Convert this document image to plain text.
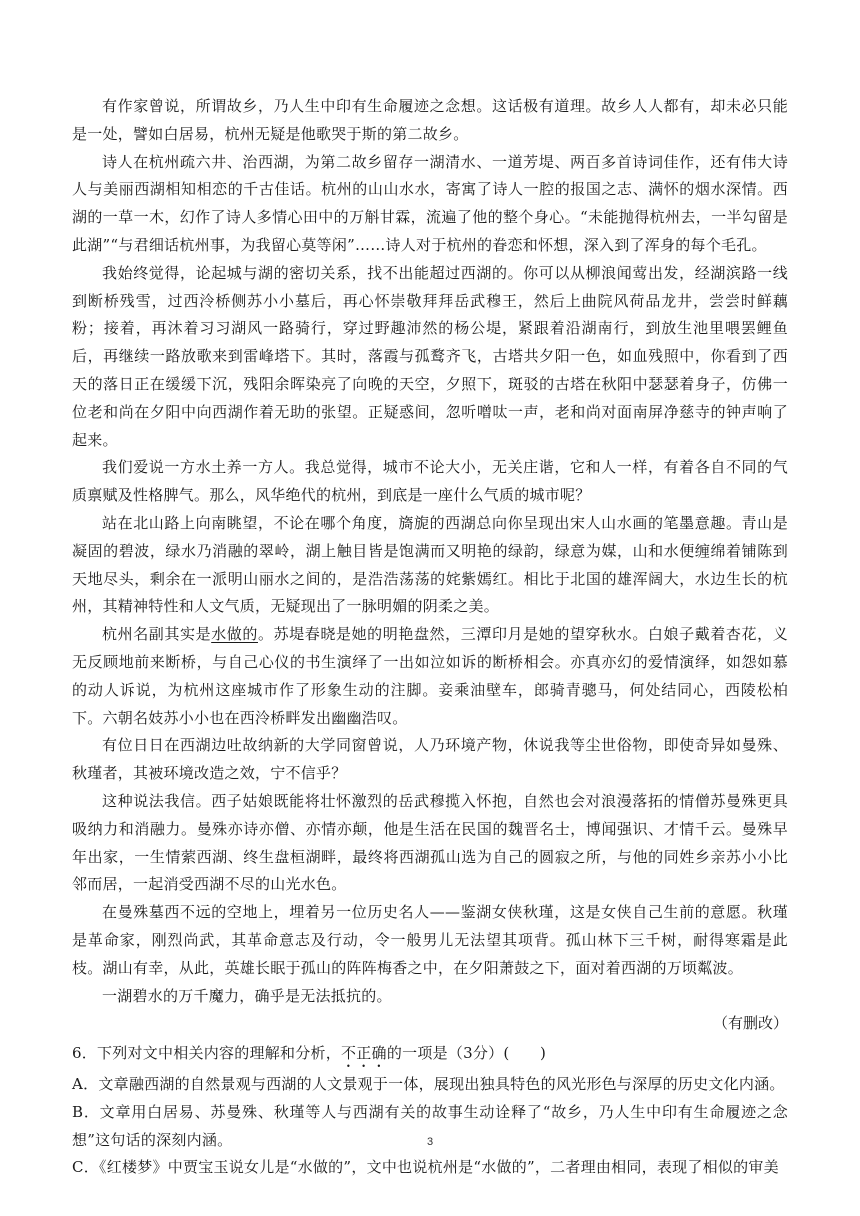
有作家曾说，所谓故乡，乃人生中印有生命履迹之念想。这话极有道理。故乡人人都有，却未必只能是一处，譬如白居易，杭州无疑是他歌哭于斯的第二故乡。

诗人在杭州疏六井、治西湖，为第二故乡留存一湖清水、一道芳堤、两百多首诗词佳作，还有伟大诗人与美丽西湖相知相恋的千古佳话。杭州的山山水水，寄寓了诗人一腔的报国之志、满怀的烟水深情。西湖的一草一木，幻作了诗人多情心田中的万斛甘霖，流遍了他的整个身心。“未能抛得杭州去，一半勾留是此湖”“与君细话杭州事，为我留心莫等闲”……诗人对于杭州的眷恋和怀想，深入到了浑身的每个毛孔。

我始终觉得，论起城与湖的密切关系，找不出能超过西湖的。你可以从柳浪闻莺出发，经湖滨路一线到断桥残雪，过西泠桥侧苏小小墓后，再心怀崇敬拜拜岳武穆王，然后上曲院风荷品龙井，尝尝时鲜藕粉；接着，再沐着习习湖风一路骑行，穿过野趣沛然的杨公堤，紧跟着沿湖南行，到放生池里喂罢鲤鱼后，再继续一路放歌来到雷峰塔下。其时，落霞与孤鹜齐飞，古塔共夕阳一色，如血残照中，你看到了西天的落日正在缓缓下沉，残阳余晖染亮了向晚的天空，夕照下，斑驳的古塔在秋阳中瑟瑟着身子，仿佛一位老和尚在夕阳中向西湖作着无助的张望。正疑惑间，忽听噌呔一声，老和尚对面南屏净慈寺的钟声响了起来。

我们爱说一方水土养一方人。我总觉得，城市不论大小，无关庄谐，它和人一样，有着各自不同的气质禀赋及性格脾气。那么，风华绝代的杭州，到底是一座什么气质的城市呢？

站在北山路上向南眺望，不论在哪个角度，旖旎的西湖总向你呈现出宋人山水画的笔墨意趣。青山是凝固的碧波，绿水乃消融的翠岭，湖上触目皆是饱满而又明艳的绿韵，绿意为媒，山和水便缠绵着铺陈到天地尽头，剩余在一派明山丽水之间的，是浩浩荡荡的姹紫嫣红。相比于北国的雄浑阔大，水边生长的杭州，其精神特性和人文气质，无疑现出了一脉明媚的阴柔之美。

杭州名副其实是水做的。苏堤春晓是她的明艳盘然，三潭印月是她的望穿秋水。白娘子戴着杏花，义无反顾地前来断桥，与自己心仪的书生演绎了一出如泣如诉的断桥相会。亦真亦幻的爱情演绎，如怨如慕的动人诉说，为杭州这座城市作了形象生动的注脚。妾乘油壁车，郎骑青骢马，何处结同心，西陵松柏下。六朝名妓苏小小也在西泠桥畔发出幽幽浩叹。

有位日日在西湖边吐故纳新的大学同窗曾说，人乃环境产物，休说我等尘世俗物，即使奇异如曼殊、秋瑾者，其被环境改造之效，宁不信乎？

这种说法我信。西子姑娘既能将壮怀激烈的岳武穆揽入怀抱，自然也会对浪漫落拓的情僧苏曼殊更具吸纳力和消融力。曼殊亦诗亦僧、亦情亦颠，他是生活在民国的魏晋名士，博闻强识、才情千云。曼殊早年出家，一生情萦西湖、终生盘桓湖畔，最终将西湖孤山选为自己的圆寂之所，与他的同姓乡亲苏小小比邻而居，一起消受西湖不尽的山光水色。

在曼殊墓西不远的空地上，埋着另一位历史名人——鉴湖女侠秋瑾，这是女侠自己生前的意愿。秋瑾是革命家，刚烈尚武，其革命意志及行动，令一般男儿无法望其项背。孤山林下三千树，耐得寒霜是此枝。湖山有幸，从此，英雄长眠于孤山的阵阵梅香之中，在夕阳萧鼓之下，面对着西湖的万顷粼波。

一湖碧水的万千魔力，确乎是无法抵抗的。

（有删改）

6．下列对文中相关内容的理解和分析，不正确的一项是（3分）(　　)

A．文章融西湖的自然景观与西湖的人文景观于一体，展现出独具特色的风光形色与深厚的历史文化内涵。

B．文章用白居易、苏曼殊、秋瑾等人与西湖有关的故事生动诠释了“故乡，乃人生中印有生命履迹之念想”这句话的深刻内涵。

C．《红楼梦》中贾宝玉说女儿是“水做的”，文中也说杭州是“水做的”，二者理由相同，表现了相似的审美

3
